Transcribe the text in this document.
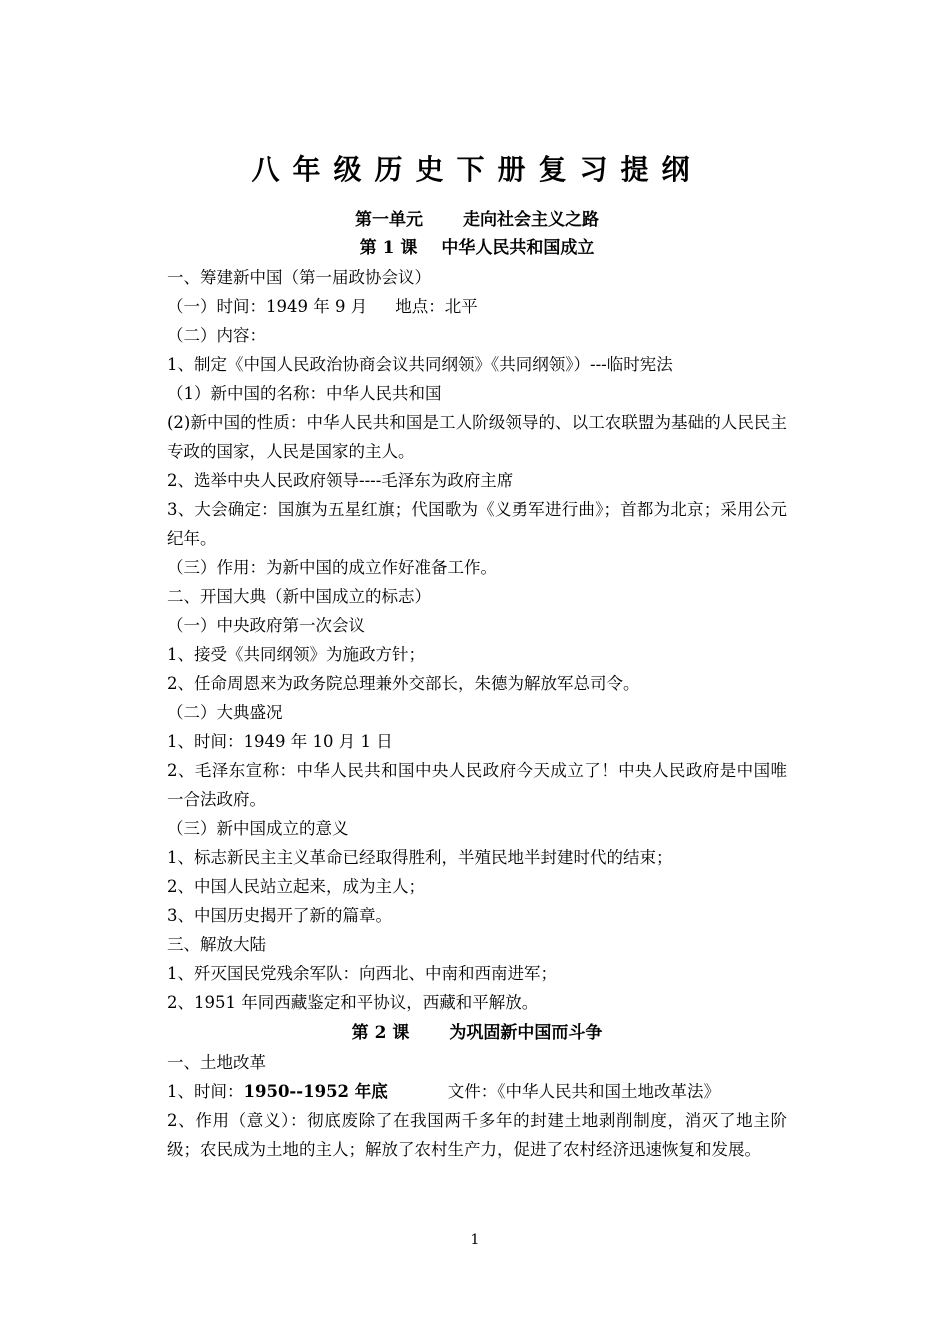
八年级历史下册复习提纲
第一单元 走向社会主义之路
第 1 课 中华人民共和国成立

一、筹建新中国（第一届政协会议）

（一）时间：1949 年 9 月 地点：北平

（二）内容：

1、制定《中国人民政治协商会议共同纲领》《共同纲领》）---临时宪法

（1）新中国的名称：中华人民共和国

(2)新中国的性质：中华人民共和国是工人阶级领导的、以工农联盟为基础的人民民主专政的国家，人民是国家的主人。

2、选举中央人民政府领导----毛泽东为政府主席

3、大会确定：国旗为五星红旗；代国歌为《义勇军进行曲》；首都为北京；采用公元纪年。

（三）作用：为新中国的成立作好准备工作。

二、开国大典（新中国成立的标志）

（一）中央政府第一次会议

1、接受《共同纲领》为施政方针；

2、任命周恩来为政务院总理兼外交部长，朱德为解放军总司令。

（二）大典盛况

1、时间：1949 年 10 月 1 日

2、毛泽东宣称：中华人民共和国中央人民政府今天成立了！中央人民政府是中国唯一合法政府。

（三）新中国成立的意义

1、标志新民主主义革命已经取得胜利，半殖民地半封建时代的结束；

2、中国人民站立起来，成为主人；

3、中国历史揭开了新的篇章。

三、解放大陆

1、歼灭国民党残余军队：向西北、中南和西南进军；

2、1951 年同西藏鉴定和平协议，西藏和平解放。

第 2 课 为巩固新中国而斗争

一、土地改革

1、时间：1950--1952 年底	文件：《中华人民共和国土地改革法》

2、作用（意义）：彻底废除了在我国两千多年的封建土地剥削制度，消灭了地主阶级；农民成为土地的主人；解放了农村生产力，促进了农村经济迅速恢复和发展。

1
